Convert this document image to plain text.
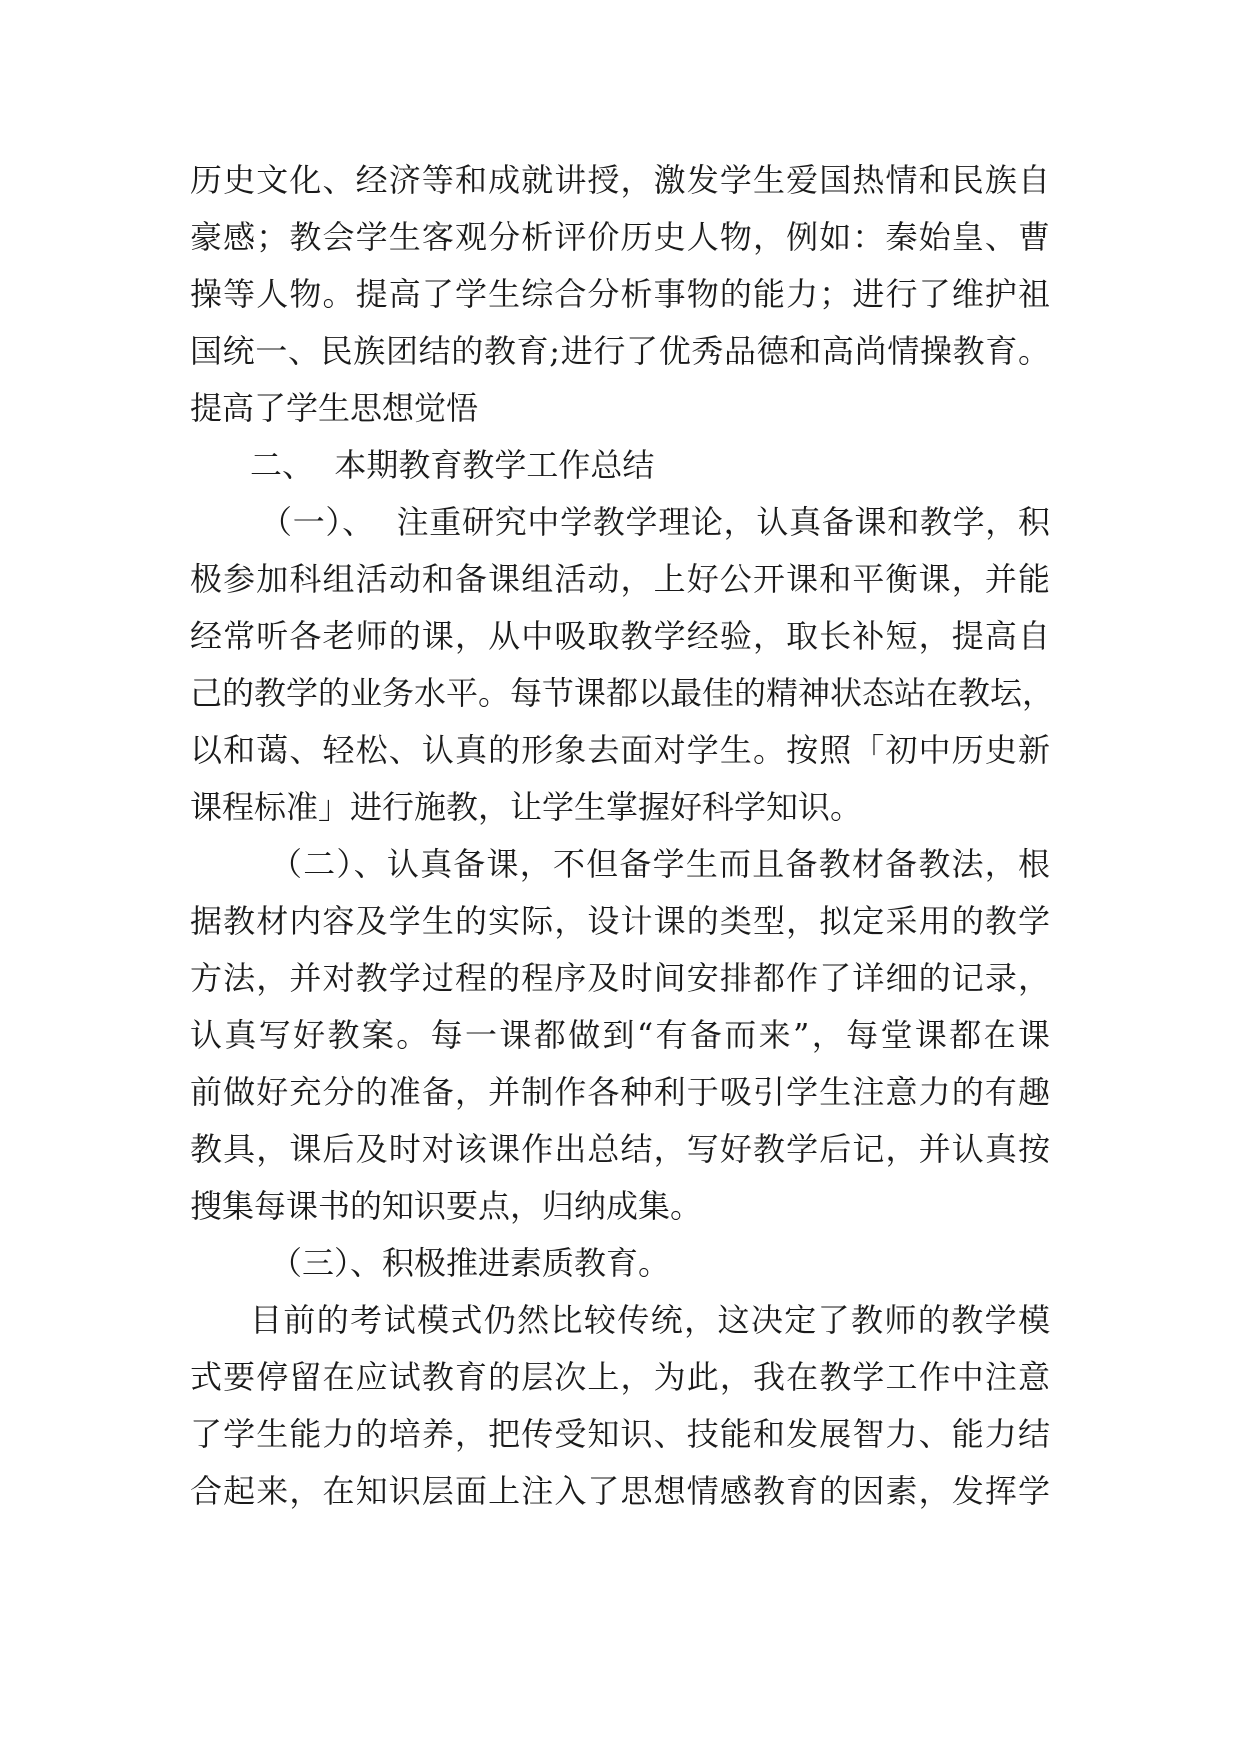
历史文化、经济等和成就讲授，激发学生爱国热情和民族自
豪感；教会学生客观分析评价历史人物，例如：秦始皇、曹
操等人物。提高了学生综合分析事物的能力；进行了维护祖
国统一、民族团结的教育;进行了优秀品德和高尚情操教育。
提高了学生思想觉悟
二、  本期教育教学工作总结
（一）、  注重研究中学教学理论，认真备课和教学，积
极参加科组活动和备课组活动，上好公开课和平衡课，并能
经常听各老师的课，从中吸取教学经验，取长补短，提高自
己的教学的业务水平。每节课都以最佳的精神状态站在教坛，
以和蔼、轻松、认真的形象去面对学生。按照「初中历史新
课程标准」进行施教，让学生掌握好科学知识。
（二）、认真备课，不但备学生而且备教材备教法，根
据教材内容及学生的实际，设计课的类型，拟定采用的教学
方法，并对教学过程的程序及时间安排都作了详细的记录，
认真写好教案。每一课都做到“有备而来”，每堂课都在课
前做好充分的准备，并制作各种利于吸引学生注意力的有趣
教具，课后及时对该课作出总结，写好教学后记，并认真按
搜集每课书的知识要点，归纳成集。
（三）、积极推进素质教育。
目前的考试模式仍然比较传统，这决定了教师的教学模
式要停留在应试教育的层次上，为此，我在教学工作中注意
了学生能力的培养，把传受知识、技能和发展智力、能力结
合起来，在知识层面上注入了思想情感教育的因素，发挥学
